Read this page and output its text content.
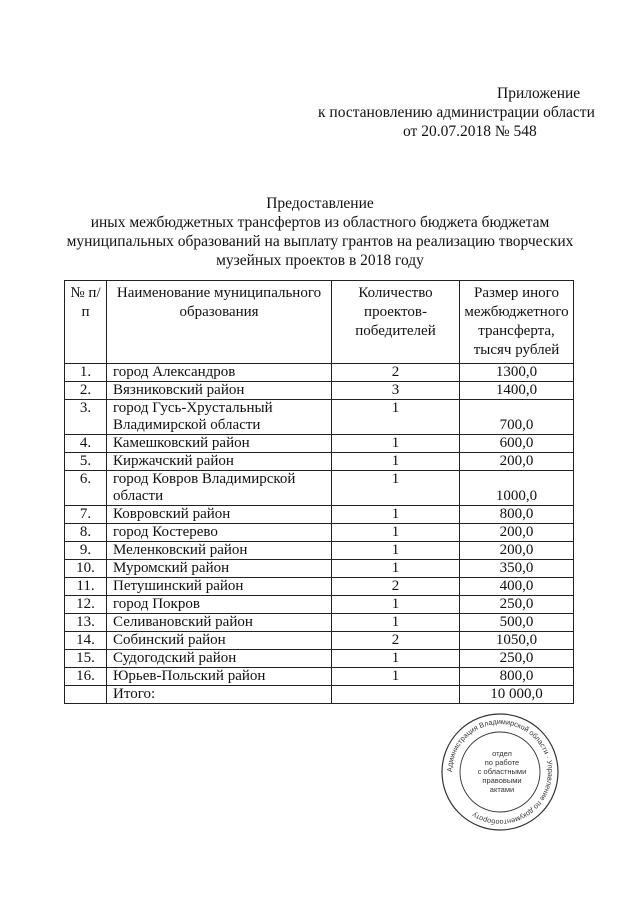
Приложение
к постановлению администрации области
от 20.07.2018 № 548
Предоставление
иных межбюджетных трансфертов из областного бюджета бюджетам
муниципальных образований на выплату грантов на реализацию творческих
музейных проектов в 2018 году
№ п/п	Наименование муниципального образования	Количество проектов-победителей	Размер иного межбюджетного трансферта, тысяч рублей
1.	город Александров	2	1300,0
2.	Вязниковский район	3	1400,0
3.	город Гусь-Хрустальный Владимирской области	1	700,0
4.	Камешковский район	1	600,0
5.	Киржачский район	1	200,0
6.	город Ковров Владимирской области	1	1000,0
7.	Ковровский район	1	800,0
8.	город Костерево	1	200,0
9.	Меленковский район	1	200,0
10.	Муромский район	1	350,0
11.	Петушинский район	2	400,0
12.	город Покров	1	250,0
13.	Селивановский район	1	500,0
14.	Собинский район	2	1050,0
15.	Судогодский район	1	250,0
16.	Юрьев-Польский район	1	800,0
	Итого:		10 000,0
Администрация Владимирской области · Управление по документообороту
отдел
по работе
с областными
правовыми
актами
